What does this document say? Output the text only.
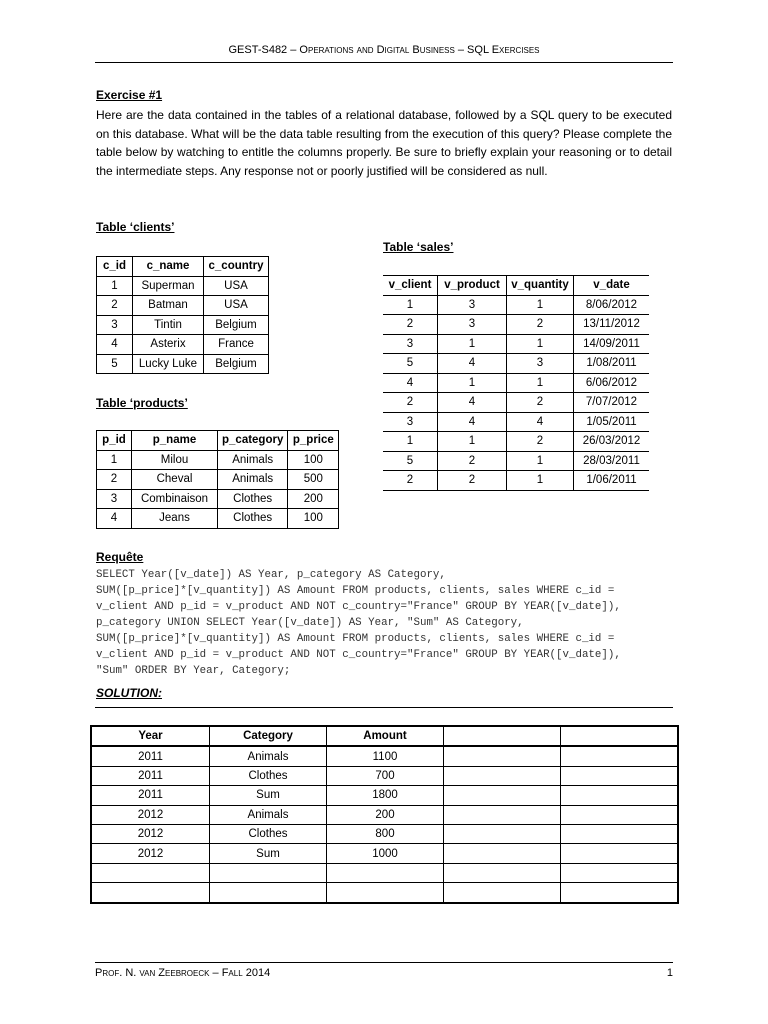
GEST-S482 – Operations and Digital Business – SQL Exercises
Exercise #1
Here are the data contained in the tables of a relational database, followed by a SQL query to be executed on this database. What will be the data table resulting from the execution of this query? Please complete the table below by watching to entitle the columns properly. Be sure to briefly explain your reasoning or to detail the intermediate steps. Any response not or poorly justified will be considered as null.
Table ‘clients’
c_id	c_name	c_country
1	Superman	USA
2	Batman	USA
3	Tintin	Belgium
4	Asterix	France
5	Lucky Luke	Belgium
Table ‘products’
p_id	p_name	p_category	p_price
1	Milou	Animals	100
2	Cheval	Animals	500
3	Combinaison	Clothes	200
4	Jeans	Clothes	100
Table ‘sales’
v_client	v_product	v_quantity	v_date
1	3	1	8/06/2012
2	3	2	13/11/2012
3	1	1	14/09/2011
5	4	3	1/08/2011
4	1	1	6/06/2012
2	4	2	7/07/2012
3	4	4	1/05/2011
1	1	2	26/03/2012
5	2	1	28/03/2011
2	2	1	1/06/2011
Requête
SELECT Year([v_date]) AS Year, p_category AS Category,
SUM([p_price]*[v_quantity]) AS Amount FROM products, clients, sales WHERE c_id =
v_client AND p_id = v_product AND NOT c_country="France" GROUP BY YEAR([v_date]),
p_category UNION SELECT Year([v_date]) AS Year, "Sum" AS Category,
SUM([p_price]*[v_quantity]) AS Amount FROM products, clients, sales WHERE c_id =
v_client AND p_id = v_product AND NOT c_country="France" GROUP BY YEAR([v_date]),
"Sum" ORDER BY Year, Category;
SOLUTION:
Year	Category	Amount		
2011	Animals	1100		
2011	Clothes	700		
2011	Sum	1800		
2012	Animals	200		
2012	Clothes	800		
2012	Sum	1000		

Prof. N. van Zeebroeck – Fall 2014	1
